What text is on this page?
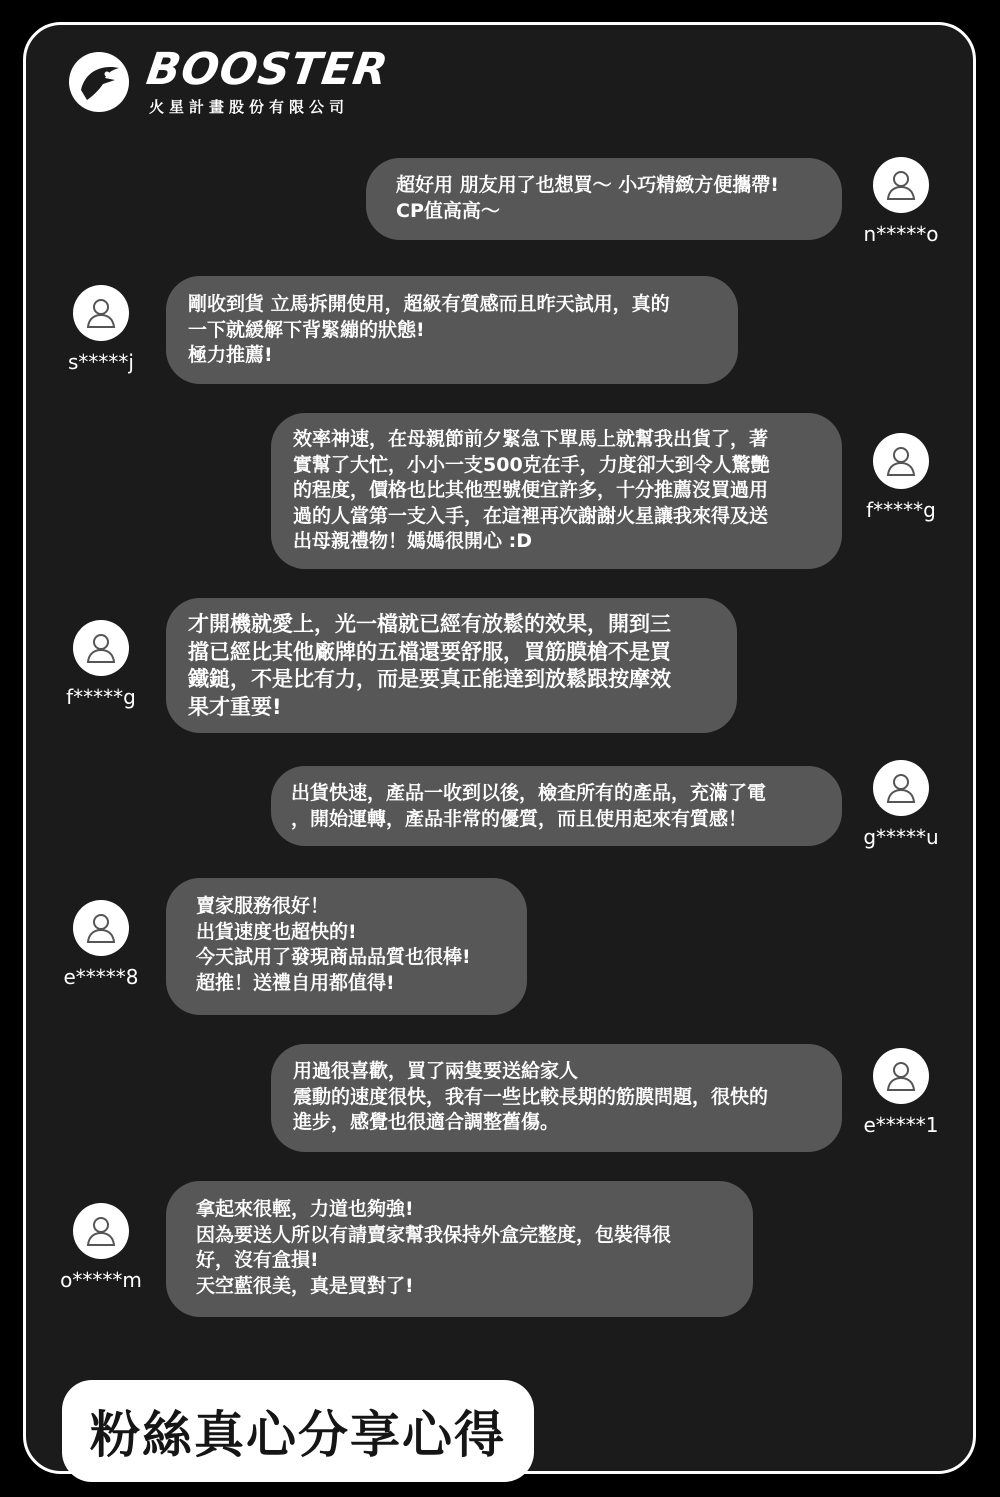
BOOSTER
火星計畫股份有限公司
超好用 朋友用了也想買～ 小巧精緻方便攜帶!
CP值高高～
n*****o
s*****j
剛收到貨 立馬拆開使用，超級有質感而且昨天試用，真的
一下就緩解下背緊繃的狀態!
極力推薦!
效率神速，在母親節前夕緊急下單馬上就幫我出貨了，著
實幫了大忙，小小一支500克在手，力度卻大到令人驚艷
的程度，價格也比其他型號便宜許多，十分推薦沒買過用
過的人當第一支入手，在這裡再次謝謝火星讓我來得及送
出母親禮物！媽媽很開心 :D
f*****g
f*****g
才開機就愛上，光一檔就已經有放鬆的效果，開到三
擋已經比其他廠牌的五檔還要舒服，買筋膜槍不是買
鐵鎚，不是比有力，而是要真正能達到放鬆跟按摩效
果才重要!
出貨快速，產品一收到以後，檢查所有的產品，充滿了電
，開始運轉，產品非常的優質，而且使用起來有質感！
g*****u
e*****8
賣家服務很好！
出貨速度也超快的!
今天試用了發現商品品質也很棒!
超推！送禮自用都值得!
用過很喜歡，買了兩隻要送給家人
震動的速度很快，我有一些比較長期的筋膜問題，很快的
進步，感覺也很適合調整舊傷。	e*****1
o*****m
拿起來很輕，力道也夠強!
因為要送人所以有請賣家幫我保持外盒完整度，包裝得很
好，沒有盒損!
天空藍很美，真是買對了!
粉絲真心分享心得
